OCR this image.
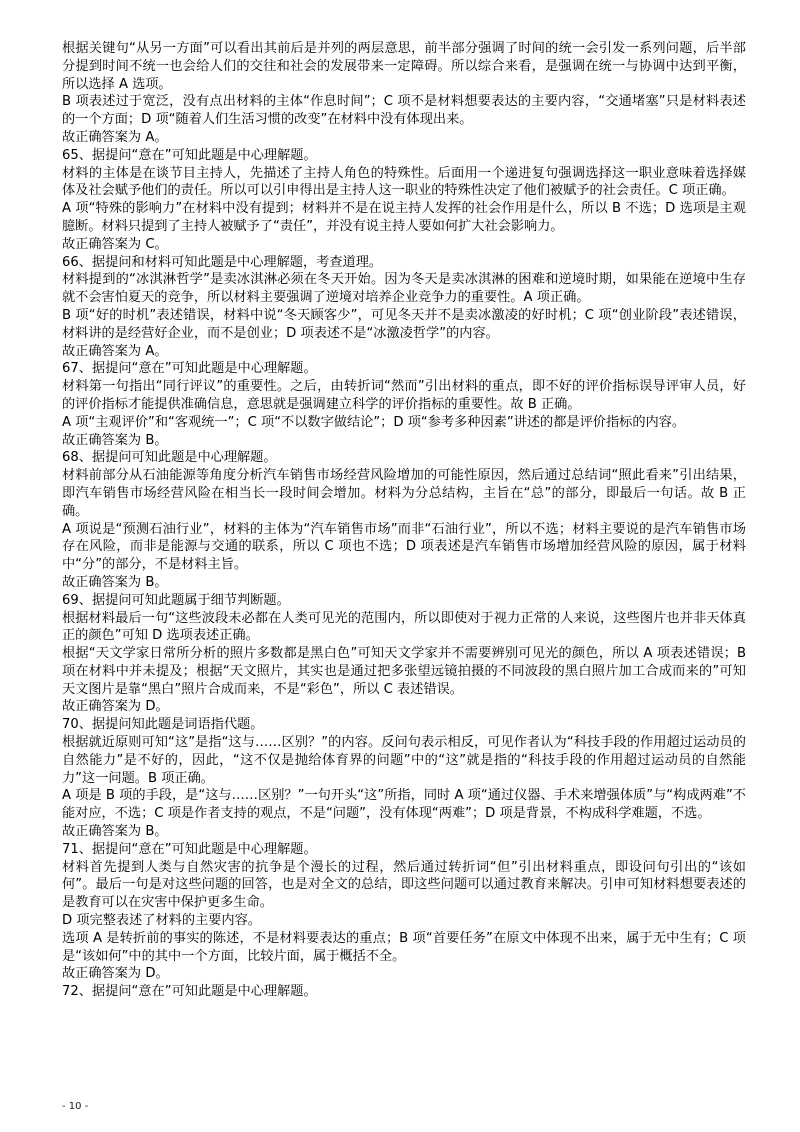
根据关键句“从另一方面”可以看出其前后是并列的两层意思，前半部分强调了时间的统一会引发一系列问题，后半部分提到时间不统一也会给人们的交往和社会的发展带来一定障碍。所以综合来看，是强调在统一与协调中达到平衡，所以选择 A 选项。

B 项表述过于宽泛，没有点出材料的主体“作息时间”；C 项不是材料想要表达的主要内容，“交通堵塞”只是材料表述的一个方面；D 项“随着人们生活习惯的改变”在材料中没有体现出来。

故正确答案为 A。

65、据提问“意在”可知此题是中心理解题。

材料的主体是在谈节目主持人，先描述了主持人角色的特殊性。后面用一个递进复句强调选择这一职业意味着选择媒体及社会赋予他们的责任。所以可以引申得出是主持人这一职业的特殊性决定了他们被赋予的社会责任。C 项正确。

A 项“特殊的影响力”在材料中没有提到；材料并不是在说主持人发挥的社会作用是什么，所以 B 不选；D 选项是主观臆断。材料只提到了主持人被赋予了“责任”，并没有说主持人要如何扩大社会影响力。

故正确答案为 C。

66、据提问和材料可知此题是中心理解题，考查道理。

材料提到的“冰淇淋哲学”是卖冰淇淋必须在冬天开始。因为冬天是卖冰淇淋的困难和逆境时期，如果能在逆境中生存就不会害怕夏天的竞争，所以材料主要强调了逆境对培养企业竞争力的重要性。A 项正确。

B 项“好的时机”表述错误，材料中说“冬天顾客少”，可见冬天并不是卖冰激凌的好时机；C 项“创业阶段”表述错误，材料讲的是经营好企业，而不是创业；D 项表述不是“冰激凌哲学”的内容。

故正确答案为 A。

67、据提问“意在”可知此题是中心理解题。

材料第一句指出“同行评议”的重要性。之后，由转折词“然而”引出材料的重点，即不好的评价指标误导评审人员，好的评价指标才能提供准确信息，意思就是强调建立科学的评价指标的重要性。故 B 正确。

A 项“主观评价”和“客观统一”；C 项“不以数字做结论”；D 项“参考多种因素”讲述的都是评价指标的内容。

故正确答案为 B。

68、据提问可知此题是中心理解题。

材料前部分从石油能源等角度分析汽车销售市场经营风险增加的可能性原因，然后通过总结词“照此看来”引出结果，即汽车销售市场经营风险在相当长一段时间会增加。材料为分总结构，主旨在“总”的部分，即最后一句话。故 B 正确。

A 项说是“预测石油行业”，材料的主体为“汽车销售市场”而非“石油行业”，所以不选；材料主要说的是汽车销售市场存在风险，而非是能源与交通的联系，所以 C 项也不选；D 项表述是汽车销售市场增加经营风险的原因，属于材料中“分”的部分，不是材料主旨。

故正确答案为 B。

69、据提问可知此题属于细节判断题。

根据材料最后一句“这些波段未必都在人类可见光的范围内，所以即使对于视力正常的人来说，这些图片也并非天体真正的颜色”可知 D 选项表述正确。

根据“天文学家日常所分析的照片多数都是黑白色”可知天文学家并不需要辨别可见光的颜色，所以 A 项表述错误；B 项在材料中并未提及；根据“天文照片，其实也是通过把多张望远镜拍摄的不同波段的黑白照片加工合成而来的”可知天文图片是靠“黑白”照片合成而来，不是“彩色”，所以 C 表述错误。

故正确答案为 D。

70、据提问知此题是词语指代题。

根据就近原则可知“这”是指“这与……区别？”的内容。反问句表示相反，可见作者认为“科技手段的作用超过运动员的自然能力”是不好的，因此，“这不仅是抛给体育界的问题”中的“这”就是指的“科技手段的作用超过运动员的自然能力”这一问题。B 项正确。

A 项是 B 项的手段，是“这与……区别？”一句开头“这”所指，同时 A 项“通过仪器、手术来增强体质”与“构成两难”不能对应，不选；C 项是作者支持的观点，不是“问题”，没有体现“两难”；D 项是背景，不构成科学难题，不选。

故正确答案为 B。

71、据提问“意在”可知此题是中心理解题。

材料首先提到人类与自然灾害的抗争是个漫长的过程，然后通过转折词“但”引出材料重点，即设问句引出的“该如何”。最后一句是对这些问题的回答，也是对全文的总结，即这些问题可以通过教育来解决。引申可知材料想要表述的是教育可以在灾害中保护更多生命。

D 项完整表述了材料的主要内容。

选项 A 是转折前的事实的陈述，不是材料要表达的重点；B 项“首要任务”在原文中体现不出来，属于无中生有；C 项是“该如何”中的其中一个方面，比较片面，属于概括不全。

故正确答案为 D。

72、据提问“意在”可知此题是中心理解题。

- 10 -
